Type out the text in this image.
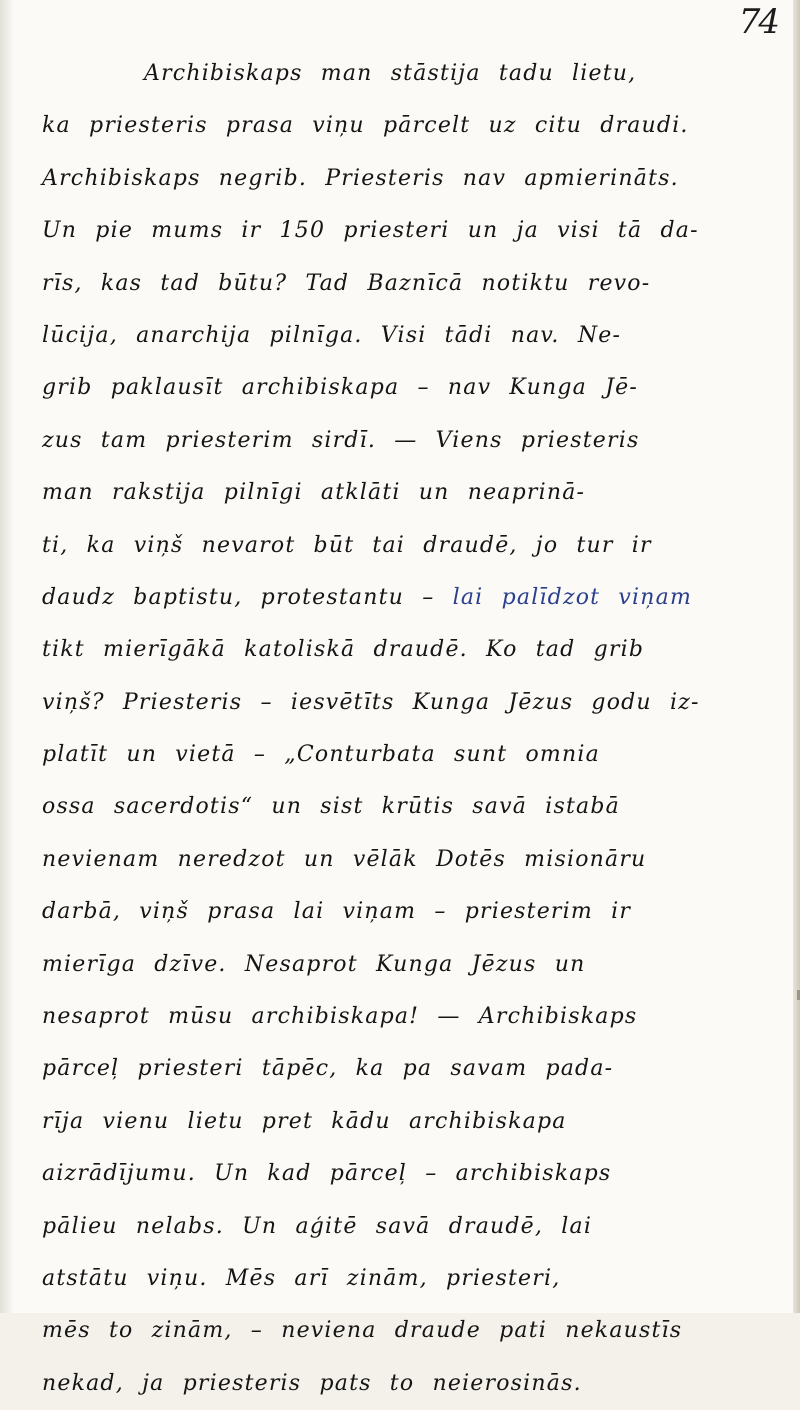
74
Archibiskaps man stāstija tadu lietu,
ka priesteris prasa viņu pārcelt uz citu draudi.
Archibiskaps negrib. Priesteris nav apmierināts.
Un pie mums ir 150 priesteri un ja visi tā da-
rīs, kas tad būtu? Tad Baznīcā notiktu revo-
lūcija, anarchija pilnīga. Visi tādi nav. Ne-
grib paklausīt archibiskapa – nav Kunga Jē-
zus tam priesterim sirdī. — Viens priesteris
man rakstija pilnīgi atklāti un neaprinā-
ti, ka viņš nevarot būt tai draudē, jo tur ir
daudz baptistu, protestantu – lai palīdzot viņam
tikt mierīgākā katoliskā draudē. Ko tad grib
viņš? Priesteris – iesvētīts Kunga Jēzus godu iz-
platīt un vietā – „Conturbata sunt omnia
ossa sacerdotis“ un sist krūtis savā istabā
nevienam neredzot un vēlāk Dotēs misionāru
darbā, viņš prasa lai viņam – priesterim ir
mierīga dzīve. Nesaprot Kunga Jēzus un
nesaprot mūsu archibiskapa! — Archibiskaps
pārceļ priesteri tāpēc, ka pa savam pada-
rīja vienu lietu pret kādu archibiskapa
aizrādījumu. Un kad pārceļ – archibiskaps
pālieu nelabs. Un aģitē savā draudē, lai
atstātu viņu. Mēs arī zinām, priesteri,
mēs to zinām, – neviena draude pati nekaustīs
nekad, ja priesteris pats to neierosinās.
